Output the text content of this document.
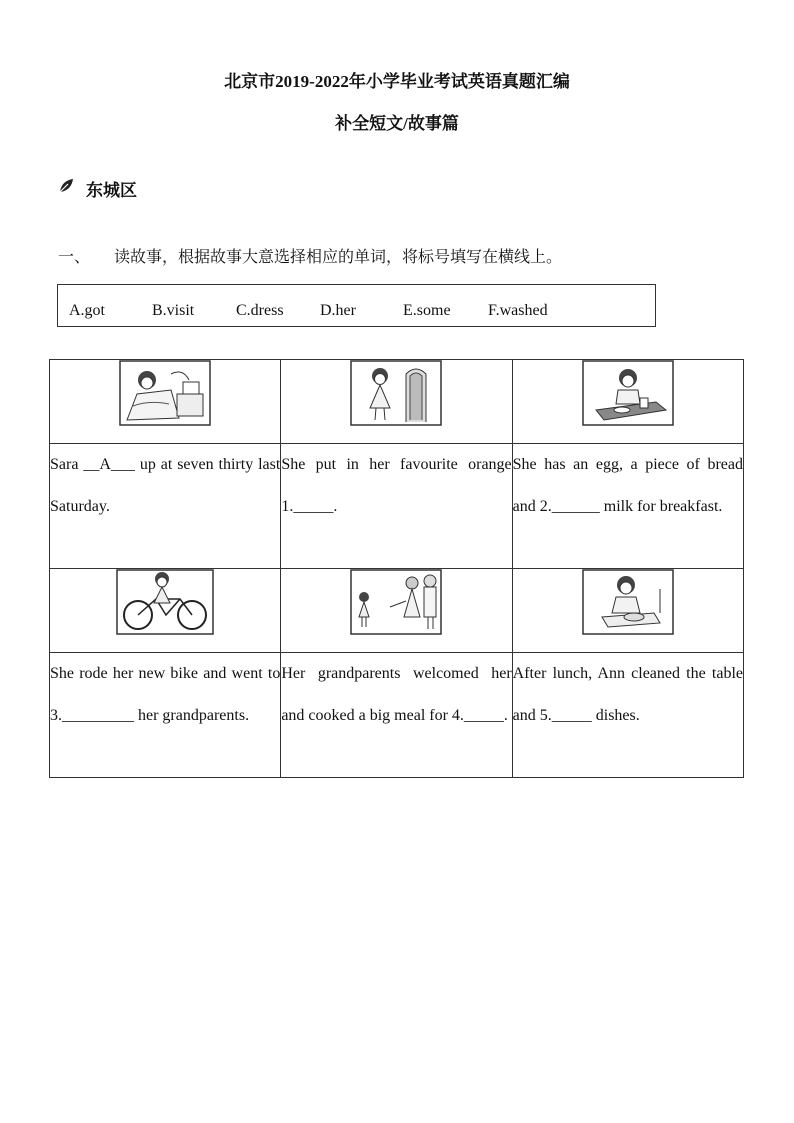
北京市2019-2022年小学毕业考试英语真题汇编
补全短文/故事篇
东城区
一、 读故事，根据故事大意选择相应的单词，将标号填写在横线上。
A.got	B.visit	C.dress D.her	E.some F.washed

Sara __A___ up at seven thirty last Saturday.	She put in her favourite orange 1._____.	She has an egg, a piece of bread and 2.______ milk for breakfast.

She rode her new bike and went to 3._________ her grandparents.	Her grandparents welcomed her and cooked a big meal for 4._____.	After lunch, Ann cleaned the table and 5._____ dishes.
